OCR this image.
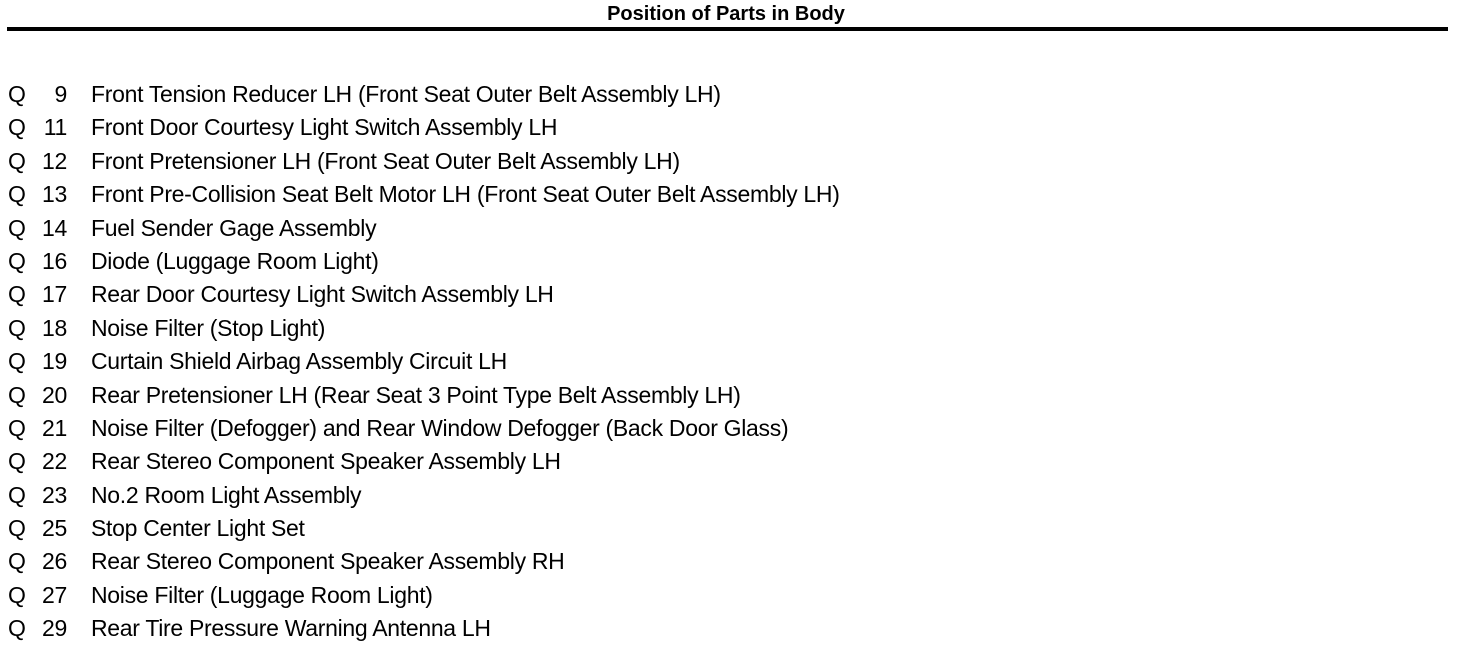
Position of Parts in Body
Q	9 Front Tension Reducer LH (Front Seat Outer Belt Assembly LH)
Q 11 Front Door Courtesy Light Switch Assembly LH
Q 12 Front Pretensioner LH (Front Seat Outer Belt Assembly LH)
Q 13 Front Pre-Collision Seat Belt Motor LH (Front Seat Outer Belt Assembly LH)
Q 14 Fuel Sender Gage Assembly
Q 16 Diode (Luggage Room Light)
Q 17 Rear Door Courtesy Light Switch Assembly LH
Q 18 Noise Filter (Stop Light)
Q 19 Curtain Shield Airbag Assembly Circuit LH
Q 20 Rear Pretensioner LH (Rear Seat 3 Point Type Belt Assembly LH)
Q 21 Noise Filter (Defogger) and Rear Window Defogger (Back Door Glass)
Q 22 Rear Stereo Component Speaker Assembly LH
Q 23 No.2 Room Light Assembly
Q 25 Stop Center Light Set
Q 26 Rear Stereo Component Speaker Assembly RH
Q 27 Noise Filter (Luggage Room Light)
Q 29 Rear Tire Pressure Warning Antenna LH
